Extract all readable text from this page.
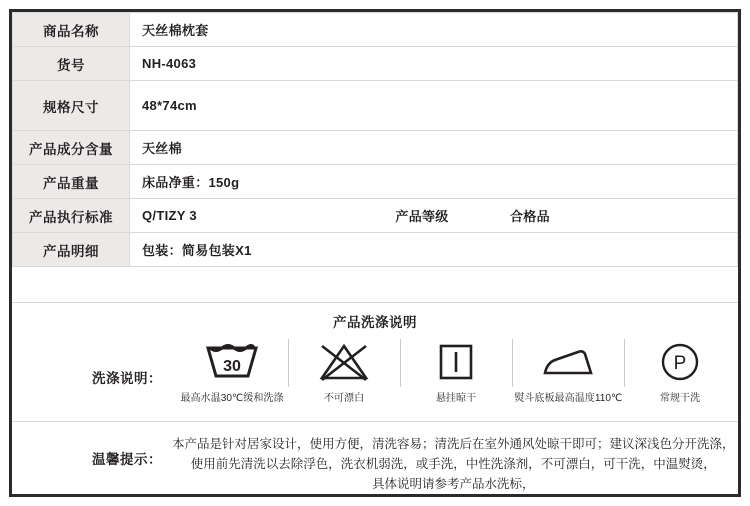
商品名称	天丝棉枕套
货号	NH-4063
规格尺寸	48*74cm
产品成分含量	天丝棉
产品重量	床品净重：150g
产品执行标准	Q/TIZY 3 产品等级 合格品

产品明细	包装：简易包装X1
产品洗涤说明
洗涤说明：
30
最高水温30℃缓和洗涤	不可漂白	悬挂晾干	熨斗底板最高温度110℃
P
常规干洗
温馨提示：
本产品是针对居家设计，使用方便，清洗容易；清洗后在室外通风处晾干即可；建议深浅色分开洗涤，
使用前先清洗以去除浮色，洗衣机弱洗，或手洗，中性洗涤剂，不可漂白，可干洗，中温熨烫，
具体说明请参考产品水洗标，
